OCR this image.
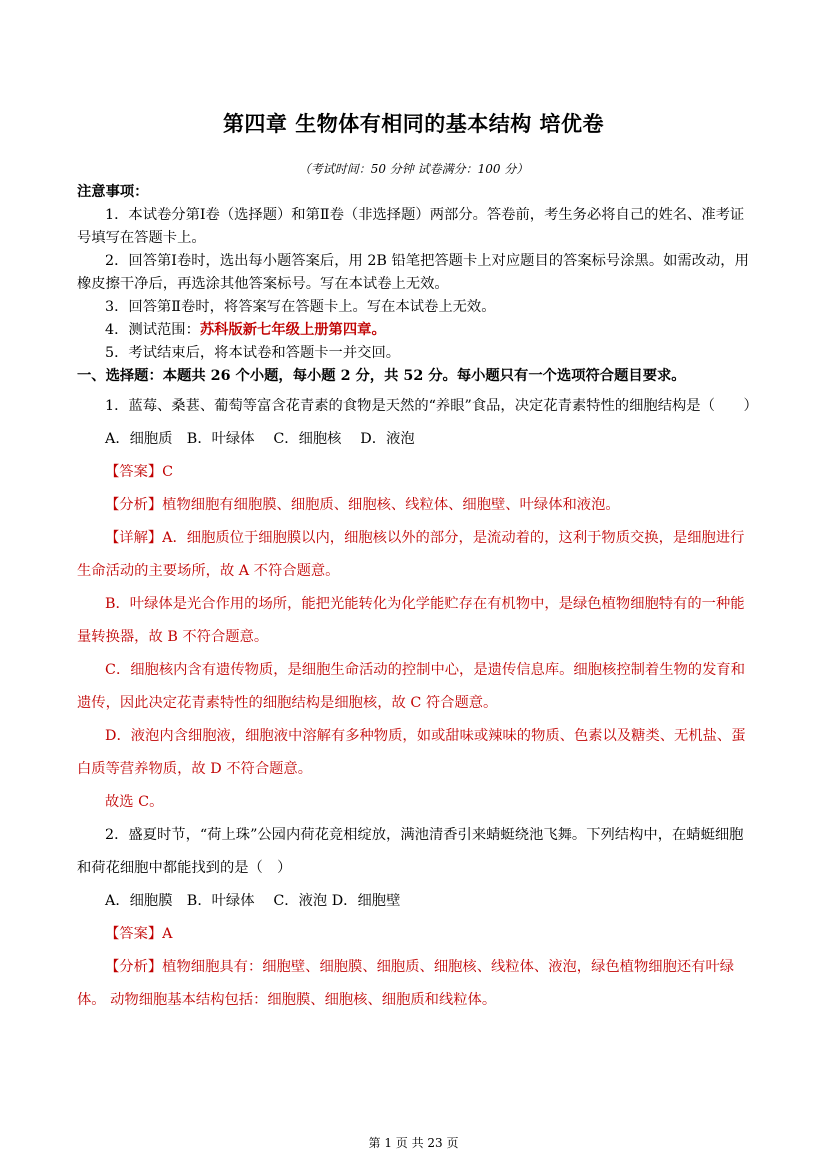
第四章 生物体有相同的基本结构 培优卷
（考试时间：50 分钟 试卷满分：100 分）
注意事项：
1．本试卷分第Ⅰ卷（选择题）和第Ⅱ卷（非选择题）两部分。答卷前，考生务必将自己的姓名、准考证
号填写在答题卡上。
2．回答第Ⅰ卷时，选出每小题答案后，用 2B 铅笔把答题卡上对应题目的答案标号涂黑。如需改动，用
橡皮擦干净后，再选涂其他答案标号。写在本试卷上无效。
3．回答第Ⅱ卷时，将答案写在答题卡上。写在本试卷上无效。
4．测试范围：苏科版新七年级上册第四章。
5．考试结束后，将本试卷和答题卡一并交回。
一、选择题：本题共 26 个小题，每小题 2 分，共 52 分。每小题只有一个选项符合题目要求。
1．蓝莓、桑葚、葡萄等富含花青素的食物是天然的“养眼”食品，决定花青素特性的细胞结构是（　　）
A．细胞质　B．叶绿体　 C．细胞核　 D．液泡
【答案】C
【分析】植物细胞有细胞膜、细胞质、细胞核、线粒体、细胞壁、叶绿体和液泡。
【详解】A．细胞质位于细胞膜以内，细胞核以外的部分，是流动着的，这利于物质交换，是细胞进行
生命活动的主要场所，故 A 不符合题意。
B．叶绿体是光合作用的场所，能把光能转化为化学能贮存在有机物中，是绿色植物细胞特有的一种能
量转换器，故 B 不符合题意。
C．细胞核内含有遗传物质，是细胞生命活动的控制中心，是遗传信息库。细胞核控制着生物的发育和
遗传，因此决定花青素特性的细胞结构是细胞核，故 C 符合题意。
D．液泡内含细胞液，细胞液中溶解有多种物质，如或甜味或辣味的物质、色素以及糖类、无机盐、蛋
白质等营养物质，故 D 不符合题意。
故选 C。
2．盛夏时节，“荷上珠”公园内荷花竞相绽放，满池清香引来蜻蜓绕池飞舞。下列结构中，在蜻蜓细胞
和荷花细胞中都能找到的是（　）
A．细胞膜　B．叶绿体　 C．液泡 D．细胞壁
【答案】A
【分析】植物细胞具有：细胞壁、细胞膜、细胞质、细胞核、线粒体、液泡，绿色植物细胞还有叶绿
体。 动物细胞基本结构包括：细胞膜、细胞核、细胞质和线粒体。
第 1 页 共 23 页
